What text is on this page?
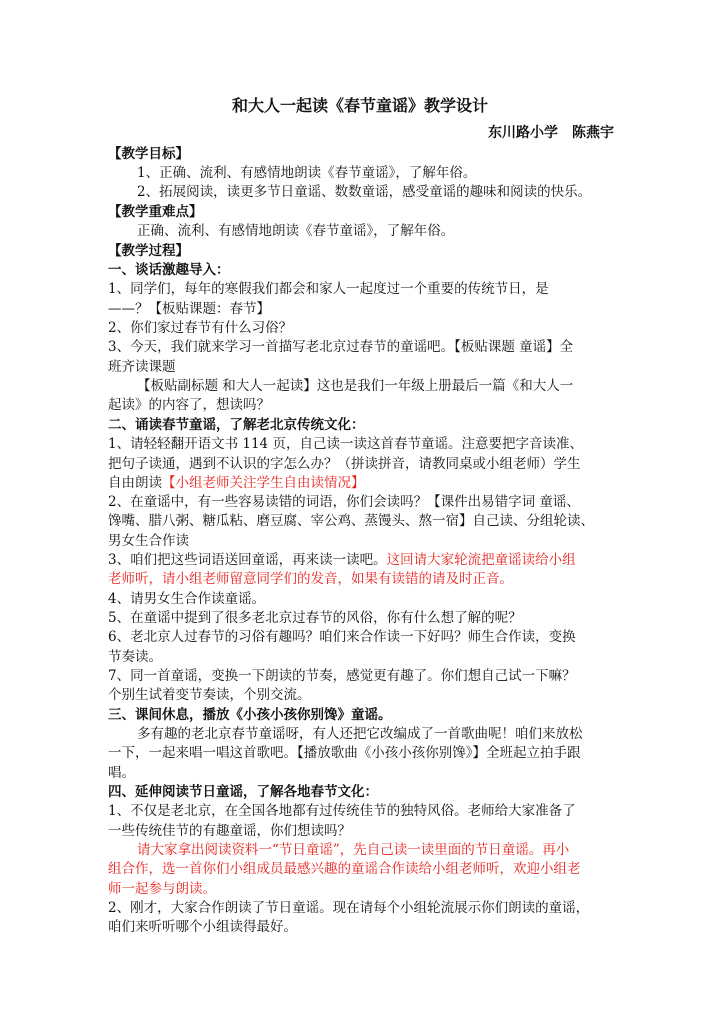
和大人一起读《春节童谣》教学设计
东川路小学　陈燕宇
【教学目标】
1、正确、流利、有感情地朗读《春节童谣》，了解年俗。
2、拓展阅读，读更多节日童谣、数数童谣，感受童谣的趣味和阅读的快乐。
【教学重难点】
正确、流利、有感情地朗读《春节童谣》，了解年俗。
【教学过程】
一、谈话激趣导入：
1、同学们，每年的寒假我们都会和家人一起度过一个重要的传统节日，是
——？【板贴课题：春节】
2、你们家过春节有什么习俗？
3、今天，我们就来学习一首描写老北京过春节的童谣吧。【板贴课题 童谣】全
班齐读课题
【板贴副标题 和大人一起读】这也是我们一年级上册最后一篇《和大人一
起读》的内容了，想读吗？
二、诵读春节童谣，了解老北京传统文化：
1、请轻轻翻开语文书 114 页，自己读一读这首春节童谣。注意要把字音读准、
把句子读通，遇到不认识的字怎么办？（拼读拼音，请教同桌或小组老师）学生
自由朗读【小组老师关注学生自由读情况】
2、在童谣中，有一些容易读错的词语，你们会读吗？【课件出易错字词 童谣、
馋嘴、腊八粥、糖瓜粘、磨豆腐、宰公鸡、蒸馒头、熬一宿】自己读、分组轮读、
男女生合作读
3、咱们把这些词语送回童谣，再来读一读吧。这回请大家轮流把童谣读给小组
老师听，请小组老师留意同学们的发音，如果有读错的请及时正音。
4、请男女生合作读童谣。
5、在童谣中提到了很多老北京过春节的风俗，你有什么想了解的呢？
6、老北京人过春节的习俗有趣吗？咱们来合作读一下好吗？师生合作读，变换
节奏读。
7、同一首童谣，变换一下朗读的节奏，感觉更有趣了。你们想自己试一下嘛？
个别生试着变节奏读，个别交流。
三、课间休息，播放《小孩小孩你别馋》童谣。
多有趣的老北京春节童谣呀，有人还把它改编成了一首歌曲呢！咱们来放松
一下，一起来唱一唱这首歌吧。【播放歌曲《小孩小孩你别馋》】全班起立拍手跟
唱。
四、延伸阅读节日童谣，了解各地春节文化：
1、不仅是老北京，在全国各地都有过传统佳节的独特风俗。老师给大家准备了
一些传统佳节的有趣童谣，你们想读吗？
请大家拿出阅读资料一“节日童谣”，先自己读一读里面的节日童谣。再小
组合作，选一首你们小组成员最感兴趣的童谣合作读给小组老师听，欢迎小组老
师一起参与朗读。
2、刚才，大家合作朗读了节日童谣。现在请每个小组轮流展示你们朗读的童谣，
咱们来听听哪个小组读得最好。
